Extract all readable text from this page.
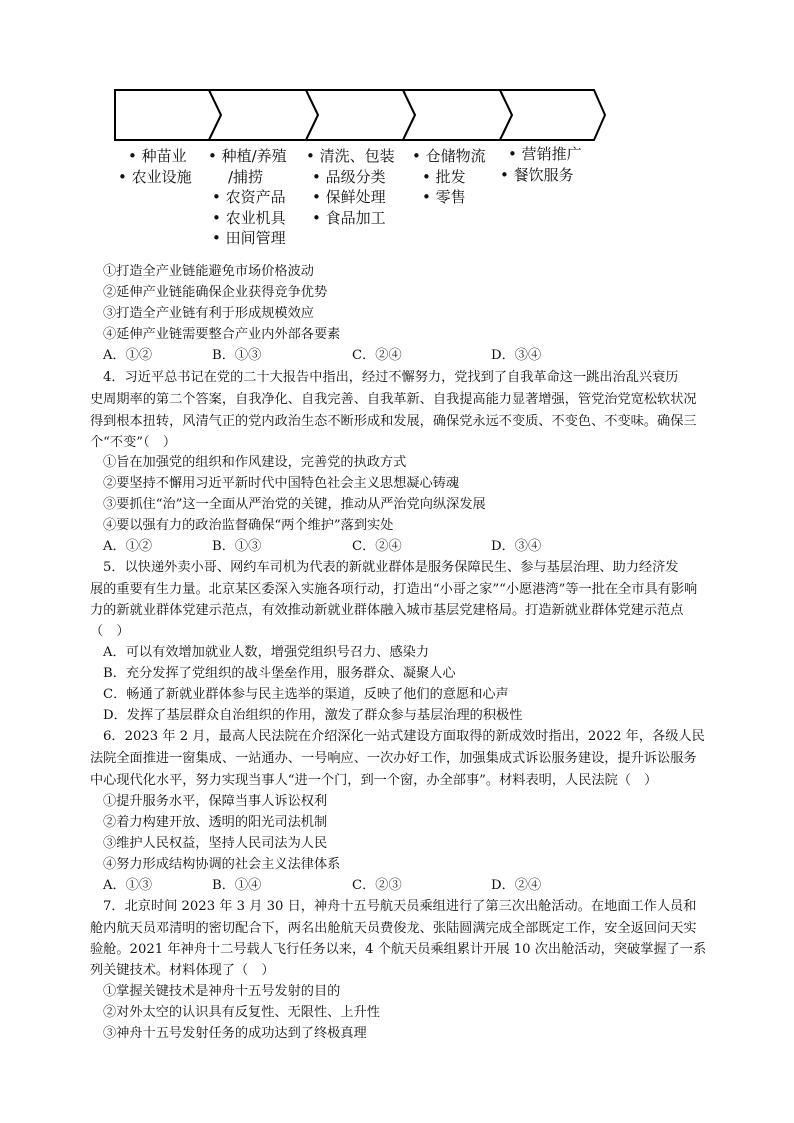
• 种苗业
• 农业设施
• 种植/养殖
/捕捞
• 农资产品
• 农业机具
• 田间管理
• 清洗、包装
• 品级分类
• 保鲜处理
• 食品加工
• 仓储物流
• 批发
• 零售
• 营销推广
• 餐饮服务
①打造全产业链能避免市场价格波动
②延伸产业链能确保企业获得竞争优势
③打造全产业链有利于形成规模效应
④延伸产业链需要整合产业内外部各要素
A．①②	B．①③	C．②④	D．③④
4．习近平总书记在党的二十大报告中指出，经过不懈努力，党找到了自我革命这一跳出治乱兴衰历
史周期率的第二个答案，自我净化、自我完善、自我革新、自我提高能力显著增强，管党治党宽松软状况
得到根本扭转，风清气正的党内政治生态不断形成和发展，确保党永远不变质、不变色、不变味。确保三
个“不变”（　）
①旨在加强党的组织和作风建设，完善党的执政方式
②要坚持不懈用习近平新时代中国特色社会主义思想凝心铸魂
③要抓住“治”这一全面从严治党的关键，推动从严治党向纵深发展
④要以强有力的政治监督确保“两个维护”落到实处
A．①②	B．①③	C．②④	D．③④
5．以快递外卖小哥、网约车司机为代表的新就业群体是服务保障民生、参与基层治理、助力经济发
展的重要有生力量。北京某区委深入实施各项行动，打造出“小哥之家”“小愿港湾”等一批在全市具有影响
力的新就业群体党建示范点，有效推动新就业群体融入城市基层党建格局。打造新就业群体党建示范点
（　）
A．可以有效增加就业人数，增强党组织号召力、感染力
B．充分发挥了党组织的战斗堡垒作用，服务群众、凝聚人心
C．畅通了新就业群体参与民主选举的渠道，反映了他们的意愿和心声
D．发挥了基层群众自治组织的作用，激发了群众参与基层治理的积极性
6．2023 年 2 月，最高人民法院在介绍深化一站式建设方面取得的新成效时指出，2022 年，各级人民
法院全面推进一窗集成、一站通办、一号响应、一次办好工作，加强集成式诉讼服务建设，提升诉讼服务
中心现代化水平，努力实现当事人“进一个门，到一个窗，办全部事”。材料表明，人民法院（　）
①提升服务水平，保障当事人诉讼权利
②着力构建开放、透明的阳光司法机制
③维护人民权益，坚持人民司法为人民
④努力形成结构协调的社会主义法律体系
A．①③	B．①④	C．②③	D．②④
7．北京时间 2023 年 3 月 30 日，神舟十五号航天员乘组进行了第三次出舱活动。在地面工作人员和
舱内航天员邓清明的密切配合下，两名出舱航天员费俊龙、张陆圆满完成全部既定工作，安全返回问天实
验舱。2021 年神舟十二号载人飞行任务以来，4 个航天员乘组累计开展 10 次出舱活动，突破掌握了一系
列关键技术。材料体现了（　）
①掌握关键技术是神舟十五号发射的目的
②对外太空的认识具有反复性、无限性、上升性
③神舟十五号发射任务的成功达到了终极真理
